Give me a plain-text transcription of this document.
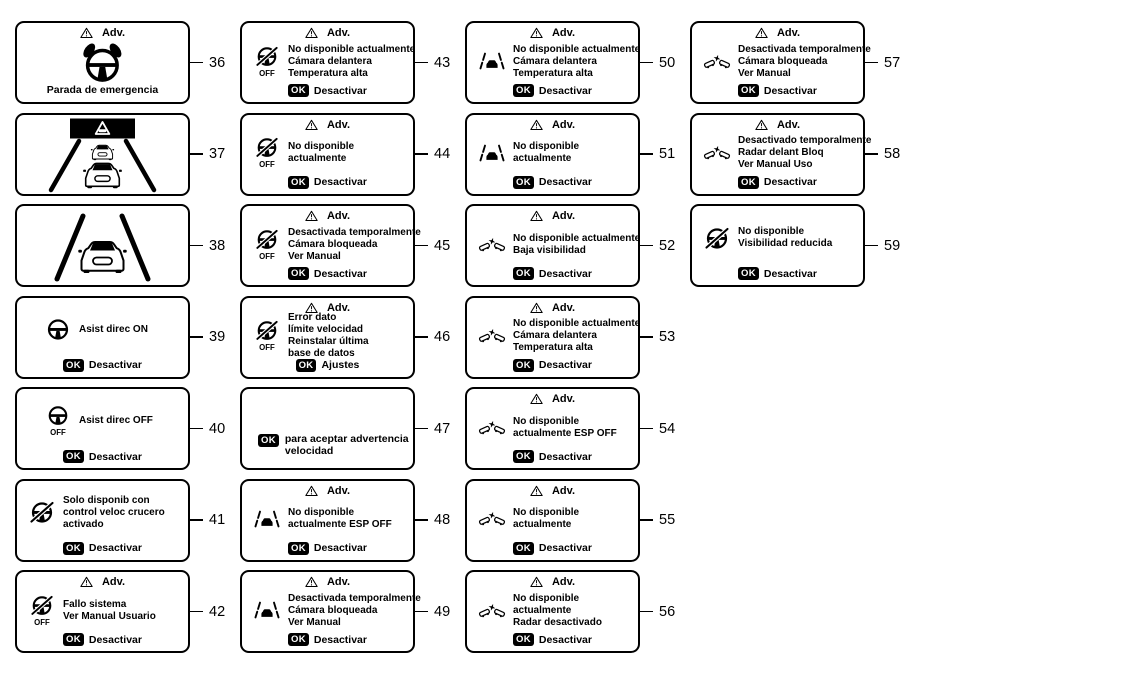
Adv.
Parada de emergencia
36
37
38
Asist direc ON
OK Desactivar
39
OFF
Asist direc OFF
OK Desactivar
40
Solo disponib con
control veloc crucero
activado
OK Desactivar
41
Adv.
OFF
Fallo sistema
Ver Manual Usuario
OK Desactivar
42
Adv.
OFF
No disponible actualmente
Cámara delantera
Temperatura alta
OK Desactivar
43
Adv.
OFF
No disponible
actualmente
OK Desactivar
44
Adv.
OFF
Desactivada temporalmente
Cámara bloqueada
Ver Manual
OK Desactivar
45
Adv.
OFF
Error dato
límite velocidad
Reinstalar última
base de datos
OK Ajustes
46
OK para aceptar advertencia
velocidad
47
Adv.
No disponible
actualmente ESP OFF
OK Desactivar
48
Adv.
Desactivada temporalmente
Cámara bloqueada
Ver Manual
OK Desactivar
49
Adv.
No disponible actualmente
Cámara delantera
Temperatura alta
OK Desactivar
50
Adv.
No disponible
actualmente
OK Desactivar
51
Adv.
No disponible actualmente
Baja visibilidad
OK Desactivar
52
Adv.
No disponible actualmente
Cámara delantera
Temperatura alta
OK Desactivar
53
Adv.
No disponible
actualmente ESP OFF
OK Desactivar
54
Adv.
No disponible
actualmente
OK Desactivar
55
Adv.
No disponible
actualmente
Radar desactivado
OK Desactivar
56
Adv.
Desactivada temporalmente
Cámara bloqueada
Ver Manual
OK Desactivar
57
Adv.
Desactivado temporalmente
Radar delant Bloq
Ver Manual Uso
OK Desactivar
58
No disponible
Visibilidad reducida
OK Desactivar
59
